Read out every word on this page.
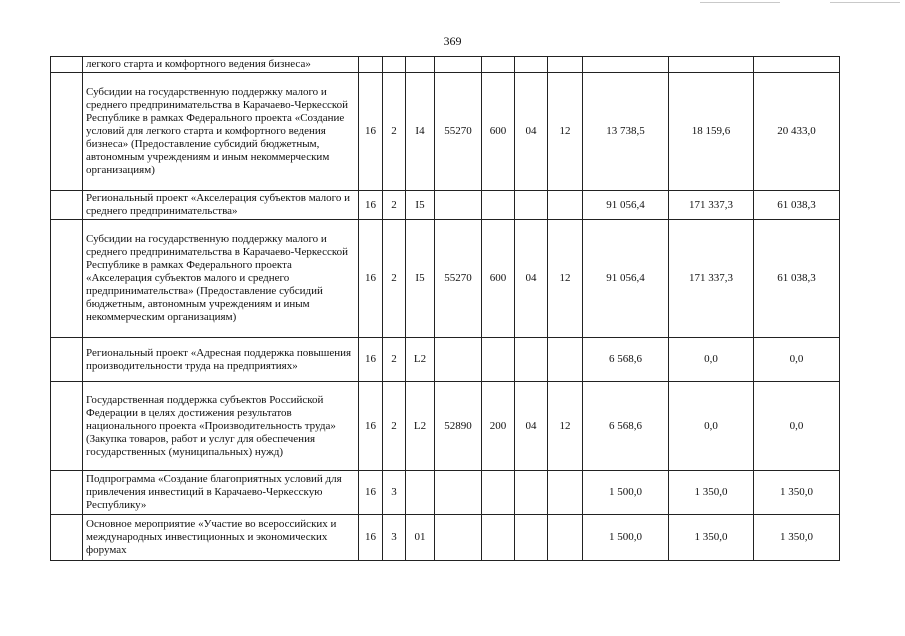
369
	легкого старта и комфортного ведения бизнеса»										
	Субсидии на государственную поддержку малого и среднего предпринимательства в Карачаево-Черкесской Республике в рамках Федерального проекта «Создание условий для легкого старта и комфортного ведения бизнеса» (Предоставление субсидий бюджетным, автономным учреждениям и иным некоммерческим организациям)	16	2	I4	55270	600	04	12	13 738,5	18 159,6	20 433,0
	Региональный проект «Акселерация субъектов малого и среднего предпринимательства»	16	2	I5					91 056,4	171 337,3	61 038,3
	Субсидии на государственную поддержку малого и среднего предпринимательства в Карачаево-Черкесской Республике в рамках Федерального проекта «Акселерация субъектов малого и среднего предпринимательства» (Предоставление субсидий бюджетным, автономным учреждениям и иным некоммерческим организациям)	16	2	I5	55270	600	04	12	91 056,4	171 337,3	61 038,3
	Региональный проект «Адресная поддержка повышения производительности труда на предприятиях»	16	2	L2					6 568,6	0,0	0,0
	Государственная поддержка субъектов Российской Федерации в целях достижения результатов национального проекта «Производительность труда» (Закупка товаров, работ и услуг для обеспечения государственных (муниципальных) нужд)	16	2	L2	52890	200	04	12	6 568,6	0,0	0,0
	Подпрограмма «Создание благоприятных условий для привлечения инвестиций в Карачаево-Черкесскую Республику»	16	3						1 500,0	1 350,0	1 350,0
	Основное мероприятие «Участие во всероссийских и международных инвестиционных и экономических форумах	16	3	01					1 500,0	1 350,0	1 350,0
